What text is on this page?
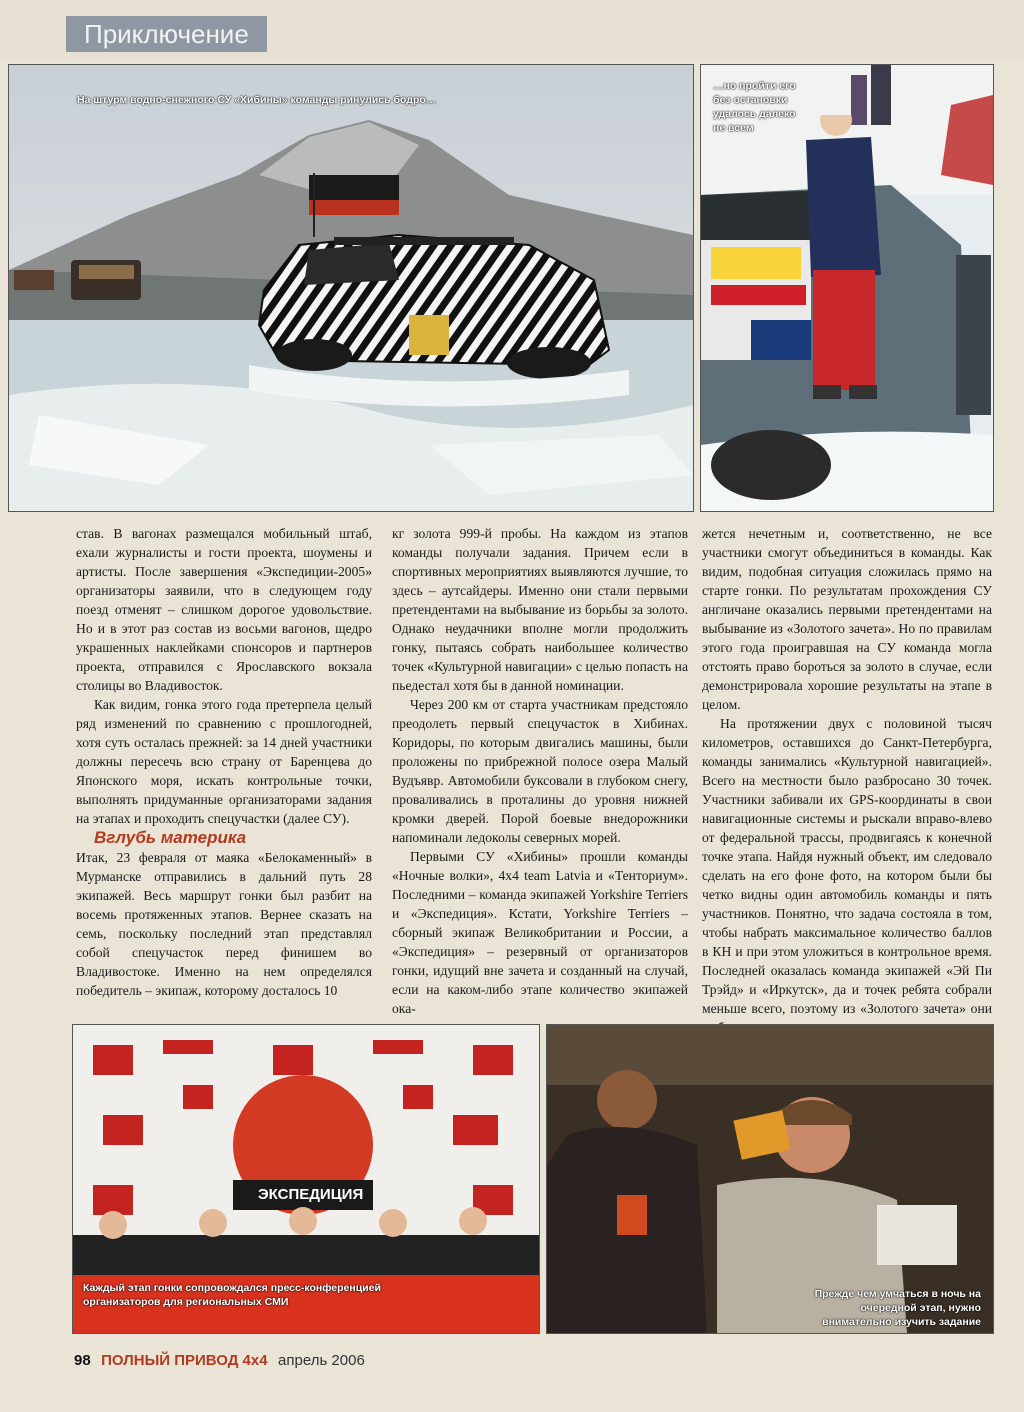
Приключение
На штурм водно-снежного СУ «Хибины» команды ринулись бодро…
…но пройти его без остановки удалось далеко не всем

став. В вагонах размещался мобильный штаб, ехали журналисты и гости проекта, шоумены и артисты. После завершения «Экспедиции-2005» организаторы заявили, что в следующем году поезд отменят – слишком дорогое удовольствие. Но и в этот раз состав из восьми вагонов, щедро украшенных наклейками спонсоров и партнеров проекта, отправился с Ярославского вокзала столицы во Владивосток.

Как видим, гонка этого года претерпела целый ряд изменений по сравнению с прошлогодней, хотя суть осталась прежней: за 14 дней участники должны пересечь всю страну от Баренцева до Японского моря, искать контрольные точки, выполнять придуманные организаторами задания на этапах и проходить спецучастки (далее СУ).

Вглубь материка

Итак, 23 февраля от маяка «Белокаменный» в Мурманске отправились в дальний путь 28 экипажей. Весь маршрут гонки был разбит на восемь протяженных этапов. Вернее сказать на семь, поскольку последний этап представлял собой спецучасток перед финишем во Владивостоке. Именно на нем определялся победитель – экипаж, которому досталось 10

кг золота 999-й пробы. На каждом из этапов команды получали задания. Причем если в спортивных мероприятиях выявляются лучшие, то здесь – аутсайдеры. Именно они стали первыми претендентами на выбывание из борьбы за золото. Однако неудачники вполне могли продолжить гонку, пытаясь собрать наибольшее количество точек «Культурной навигации» с целью попасть на пьедестал хотя бы в данной номинации.

Через 200 км от старта участникам предстояло преодолеть первый спецучасток в Хибинах. Коридоры, по которым двигались машины, были проложены по прибрежной полосе озера Малый Вудъявр. Автомобили буксовали в глубоком снегу, проваливались в проталины до уровня нижней кромки дверей. Порой боевые внедорожники напоминали ледоколы северных морей.

Первыми СУ «Хибины» прошли команды «Ночные волки», 4x4 team Latvia и «Тенториум». Последними – команда экипажей Yorkshire Terriers и «Экспедиция». Кстати, Yorkshire Terriers – сборный экипаж Великобритании и России, а «Экспедиция» – резервный от организаторов гонки, идущий вне зачета и созданный на случай, если на каком-либо этапе количество экипажей ока-

жется нечетным и, соответственно, не все участники смогут объединиться в команды. Как видим, подобная ситуация сложилась прямо на старте гонки. По результатам прохождения СУ англичане оказались первыми претендентами на выбывание из «Золотого зачета». Но по правилам этого года проигравшая на СУ команда могла отстоять право бороться за золото в случае, если демонстрировала хорошие результаты на этапе в целом.

На протяжении двух с половиной тысяч километров, оставшихся до Санкт-Петербурга, команды занимались «Культурной навигацией». Всего на местности было разбросано 30 точек. Участники забивали их GPS-координаты в свои навигационные системы и рыскали вправо-влево от федеральной трассы, продвигаясь к конечной точке этапа. Найдя нужный объект, им следовало сделать на его фоне фото, на котором были бы четко видны один автомобиль команды и пять участников. Понятно, что задача состояла в том, чтобы набрать максимальное количество баллов в КН и при этом уложиться в контрольное время. Последней оказалась команда экипажей «Эй Пи Трэйд» и «Иркутск», да и точек ребята собрали меньше всего, поэтому из «Золотого зачета» они

ЭКСПЕДИЦИЯ
Каждый этап гонки сопровождался пресс-конференцией организаторов для региональных СМИ
Прежде чем умчаться в ночь на очередной этап, нужно внимательно изучить задание
98 ПОЛНЫЙ ПРИВОД 4x4 апрель 2006
